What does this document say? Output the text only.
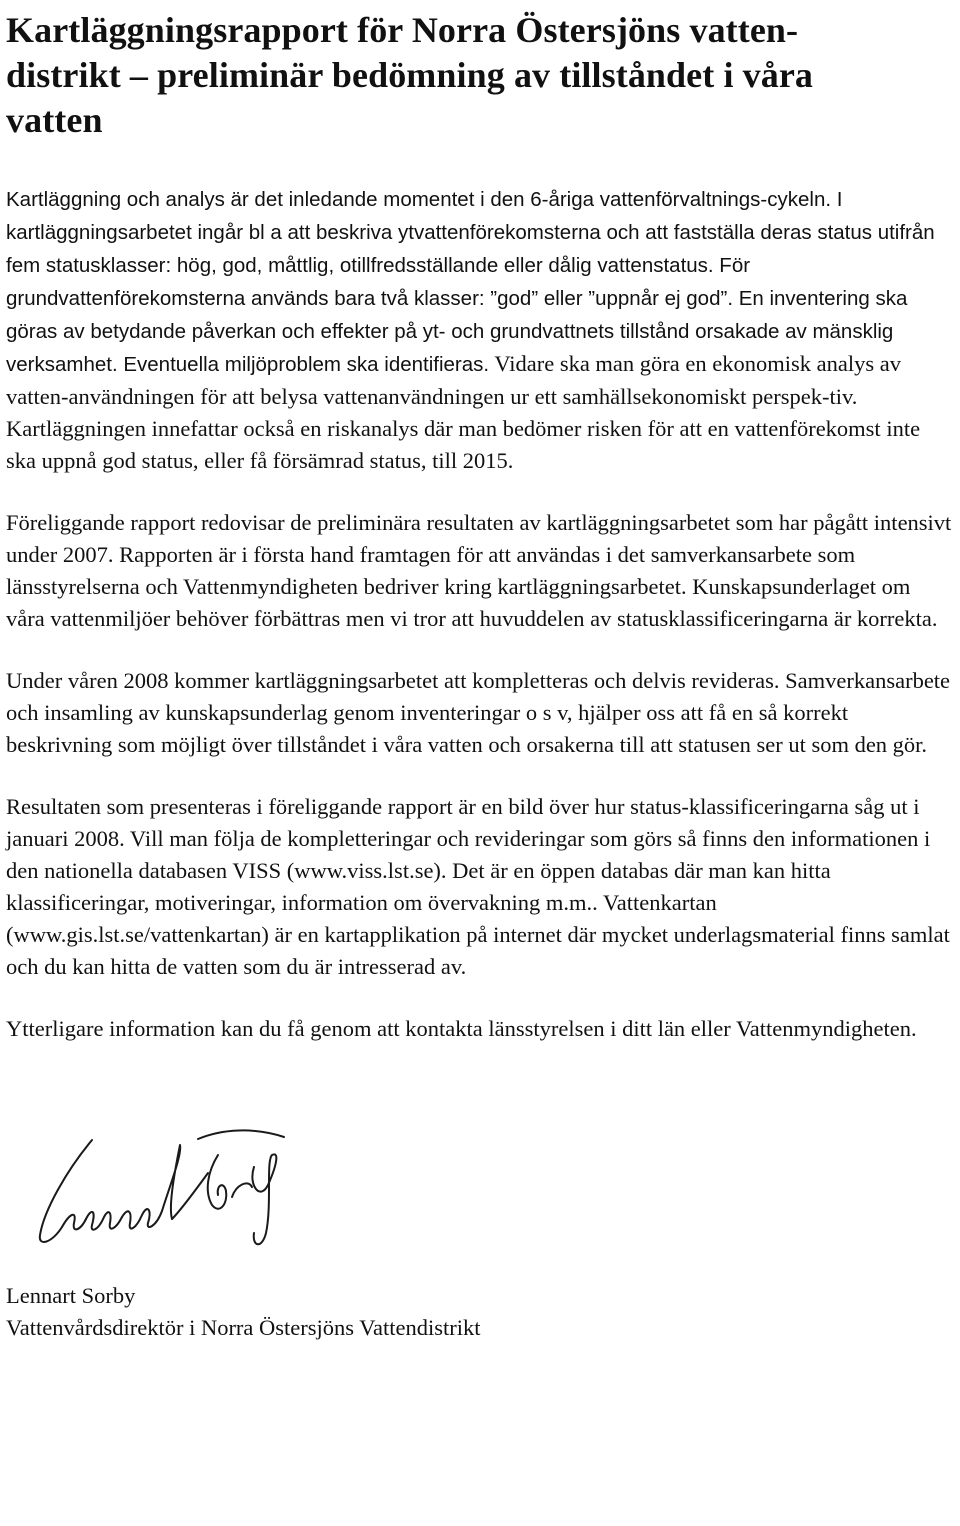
Kartläggningsrapport för Norra Östersjöns vatten-
distrikt – preliminär bedömning av tillståndet i våra
vatten

Kartläggning och analys är det inledande momentet i den 6-åriga vattenförvaltnings-cykeln. I kartläggningsarbetet ingår bl a att beskriva ytvattenförekomsterna och att fastställa deras status utifrån fem statusklasser: hög, god, måttlig, otillfredsställande eller dålig vattenstatus. För grundvattenförekomsterna används bara två klasser: ”god” eller ”uppnår ej god”. En inventering ska göras av betydande påverkan och effekter på yt- och grundvattnets tillstånd orsakade av mänsklig verksamhet. Eventuella miljöproblem ska identifieras. Vidare ska man göra en ekonomisk analys av vatten-användningen för att belysa vattenanvändningen ur ett samhällsekonomiskt perspek-tiv. Kartläggningen innefattar också en riskanalys där man bedömer risken för att en vattenförekomst inte ska uppnå god status, eller få försämrad status, till 2015.

Föreliggande rapport redovisar de preliminära resultaten av kartläggningsarbetet som har pågått intensivt under 2007. Rapporten är i första hand framtagen för att användas i det samverkansarbete som länsstyrelserna och Vattenmyndigheten bedriver kring kartläggningsarbetet. Kunskapsunderlaget om våra vattenmiljöer behöver förbättras men vi tror att huvuddelen av statusklassificeringarna är korrekta.

Under våren 2008 kommer kartläggningsarbetet att kompletteras och delvis revideras. Samverkansarbete och insamling av kunskapsunderlag genom inventeringar o s v, hjälper oss att få en så korrekt beskrivning som möjligt över tillståndet i våra vatten och orsakerna till att statusen ser ut som den gör.

Resultaten som presenteras i föreliggande rapport är en bild över hur status-klassificeringarna såg ut i januari 2008. Vill man följa de kompletteringar och revideringar som görs så finns den informationen i den nationella databasen VISS (www.viss.lst.se). Det är en öppen databas där man kan hitta klassificeringar, motiveringar, information om övervakning m.m.. Vattenkartan (www.gis.lst.se/vattenkartan) är en kartapplikation på internet där mycket underlagsmaterial finns samlat och du kan hitta de vatten som du är intresserad av.

Ytterligare information kan du få genom att kontakta länsstyrelsen i ditt län eller Vattenmyndigheten.

Lennart Sorby

Vattenvårdsdirektör i Norra Östersjöns Vattendistrikt
